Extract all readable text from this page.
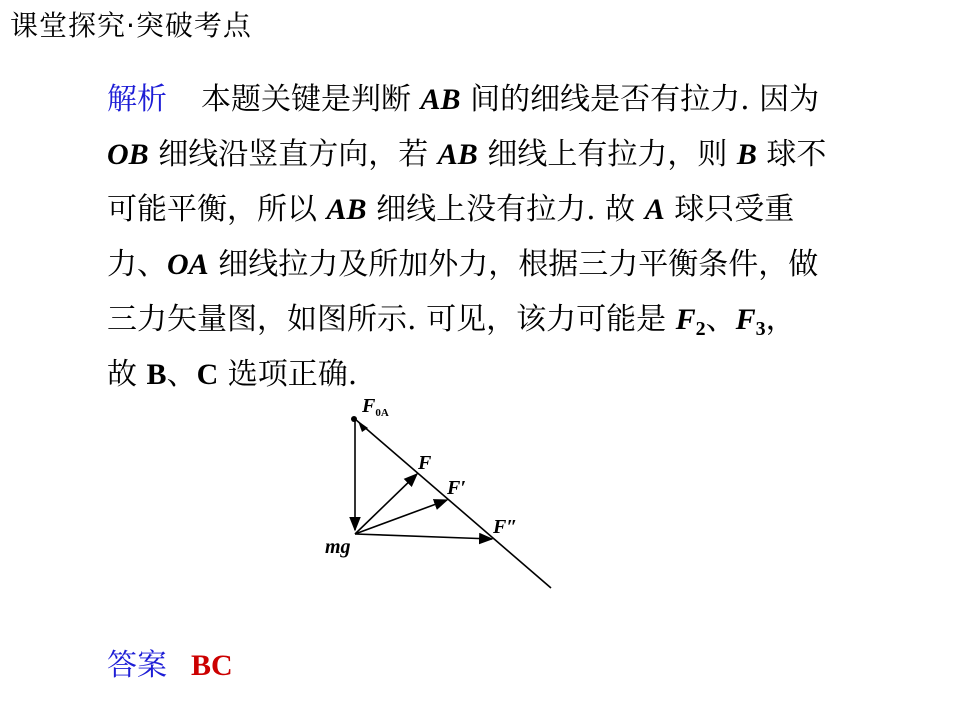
课堂探究·突破考点
解析 本题关键是判断 AB 间的细线是否有拉力. 因为
OB 细线沿竖直方向，若 AB 细线上有拉力，则 B 球不
可能平衡，所以 AB 细线上没有拉力. 故 A 球只受重
力、OA 细线拉力及所加外力，根据三力平衡条件，做
三力矢量图，如图所示. 可见，该力可能是 $F_2$、$F_3$，
故 B、C 选项正确.
$F_{0A}$
F
F′
F″
mg
答案 BC
